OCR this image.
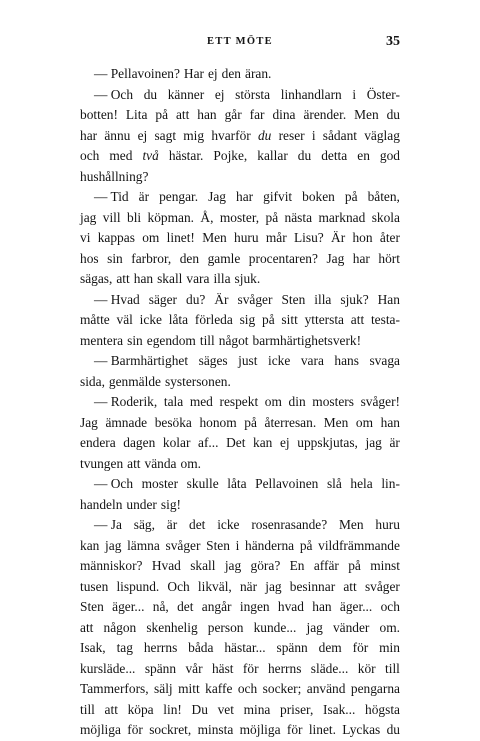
ETT MÖTE	35
— Pellavoinen? Har ej den äran.
— Och du känner ej största linhandlarn i Öster-
botten! Lita på att han går far dina ärender. Men du
har ännu ej sagt mig hvarför du reser i sådant väglag
och med två hästar. Pojke, kallar du detta en god
hushållning?
— Tid är pengar. Jag har gifvit boken på båten,
jag vill bli köpman. Å, moster, på nästa marknad skola
vi kappas om linet! Men huru mår Lisu? Är hon åter
hos sin farbror, den gamle procentaren? Jag har hört
sägas, att han skall vara illa sjuk.
— Hvad säger du? Är svåger Sten illa sjuk? Han
måtte väl icke låta förleda sig på sitt yttersta att testa-
mentera sin egendom till något barmhärtighetsverk!
— Barmhärtighet säges just icke vara hans svaga
sida, genmälde systersonen.
— Roderik, tala med respekt om din mosters svåger!
Jag ämnade besöka honom på återresan. Men om han
endera dagen kolar af... Det kan ej uppskjutas, jag är
tvungen att vända om.
— Och moster skulle låta Pellavoinen slå hela lin-
handeln under sig!
— Ja säg, är det icke rosenrasande? Men huru
kan jag lämna svåger Sten i händerna på vildfrämmande
människor? Hvad skall jag göra? En affär på minst
tusen lispund. Och likväl, när jag besinnar att svåger
Sten äger... nå, det angår ingen hvad han äger... och
att någon skenhelig person kunde... jag vänder om.
Isak, tag herrns båda hästar... spänn dem för min
kursläde... spänn vår häst för herrns släde... kör till
Tammerfors, sälj mitt kaffe och socker; använd pengarna
till att köpa lin! Du vet mina priser, Isak... högsta
möjliga för sockret, minsta möjliga för linet. Lyckas du
